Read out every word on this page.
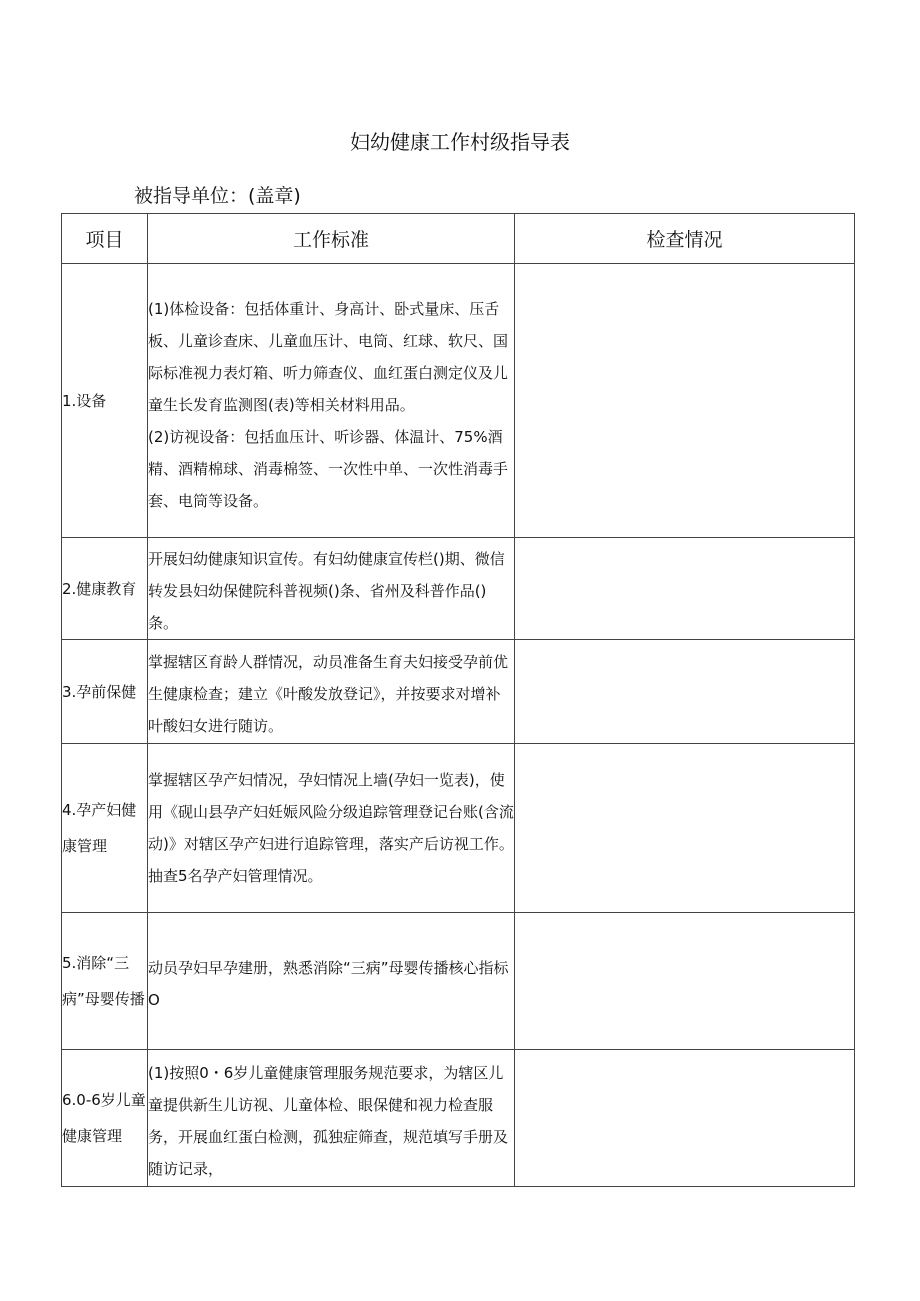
妇幼健康工作村级指导表
被指导单位：(盖章)
项目	工作标准	检查情况
1.设备	(1)体检设备：包括体重计、身高计、卧式量床、压舌板、儿童诊查床、儿童血压计、电筒、红球、软尺、国际标准视力表灯箱、听力筛查仪、血红蛋白测定仪及儿童生长发育监测图(表)等相关材料用品。

(2)访视设备：包括血压计、听诊器、体温计、75%酒精、酒精棉球、消毒棉签、一次性中单、一次性消毒手套、电筒等设备。	

2.健康教育	开展妇幼健康知识宣传。有妇幼健康宣传栏()期、微信转发县妇幼保健院科普视频()条、省州及科普作品()条。	

3.孕前保健	掌握辖区育龄人群情况，动员准备生育夫妇接受孕前优生健康检查；建立《叶酸发放登记》，并按要求对增补叶酸妇女进行随访。	

4.孕产妇健康管理	掌握辖区孕产妇情况，孕妇情况上墙(孕妇一览表)，使用《砚山县孕产妇妊娠风险分级追踪管理登记台账(含流动)》对辖区孕产妇进行追踪管理，落实产后访视工作。抽查5名孕产妇管理情况。	

5.消除“三病”母婴传播	动员孕妇早孕建册，熟悉消除“三病”母婴传播核心指标O	

6.0-6岁儿童健康管理	(1)按照0・6岁儿童健康管理服务规范要求，为辖区儿童提供新生儿访视、儿童体检、眼保健和视力检查服务，开展血红蛋白检测，孤独症筛查，规范填写手册及随访记录，	
